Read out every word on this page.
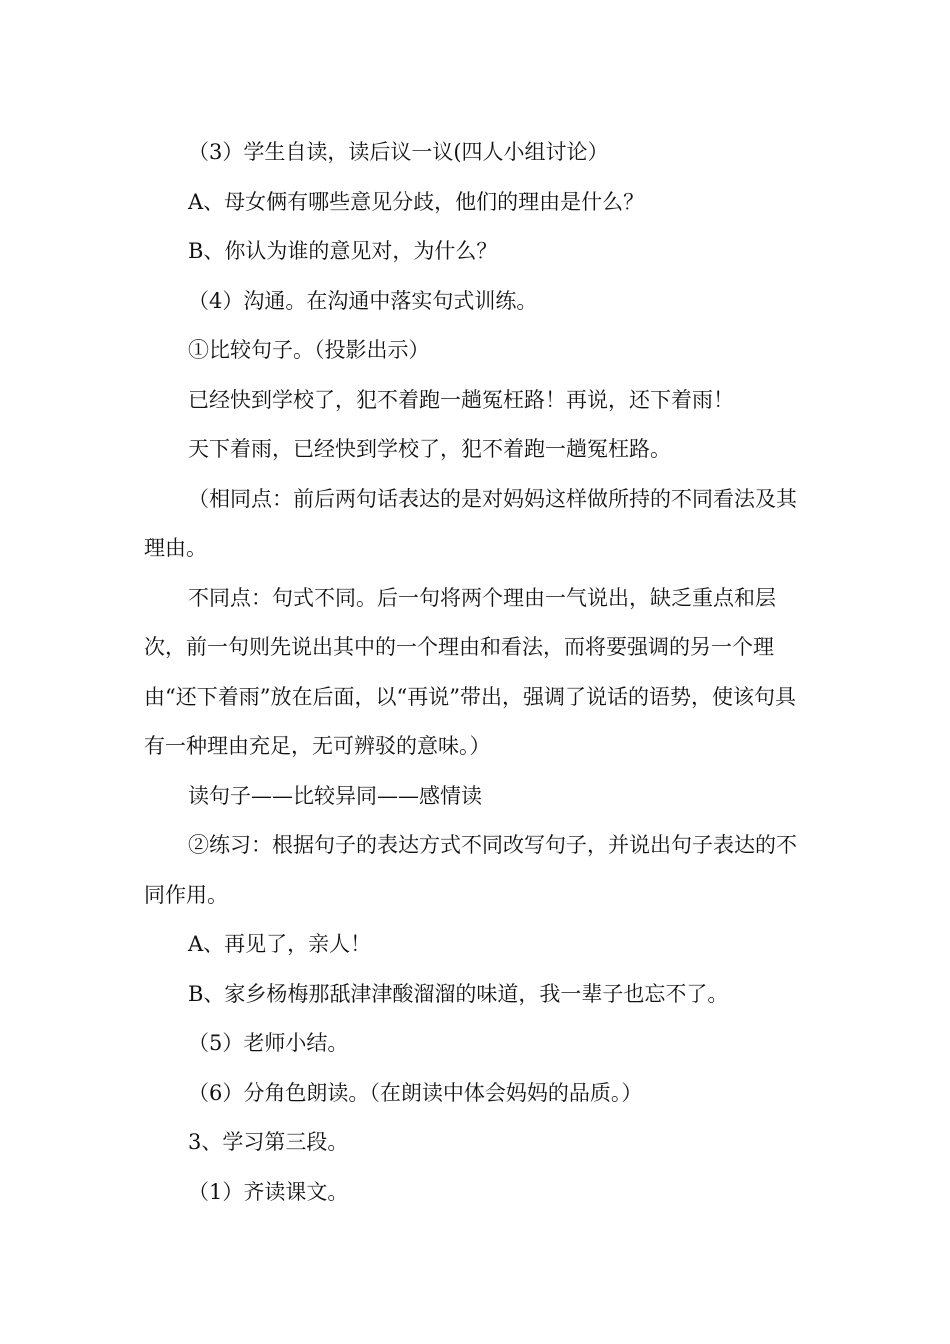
（3）学生自读，读后议一议(四人小组讨论）

A、母女俩有哪些意见分歧，他们的理由是什么？

B、你认为谁的意见对，为什么？

（4）沟通。在沟通中落实句式训练。

①比较句子。（投影出示）

已经快到学校了，犯不着跑一趟冤枉路！再说，还下着雨！

天下着雨，已经快到学校了，犯不着跑一趟冤枉路。

（相同点：前后两句话表达的是对妈妈这样做所持的不同看法及其理由。

不同点：句式不同。后一句将两个理由一气说出，缺乏重点和层次，前一句则先说出其中的一个理由和看法，而将要强调的另一个理由“还下着雨”放在后面，以“再说”带出，强调了说话的语势，使该句具有一种理由充足，无可辨驳的意味。）

读句子——比较异同——感情读

②练习：根据句子的表达方式不同改写句子，并说出句子表达的不同作用。

A、再见了，亲人！

B、家乡杨梅那舐津津酸溜溜的味道，我一辈子也忘不了。

（5）老师小结。

（6）分角色朗读。（在朗读中体会妈妈的品质。）

3、学习第三段。

（1）齐读课文。
